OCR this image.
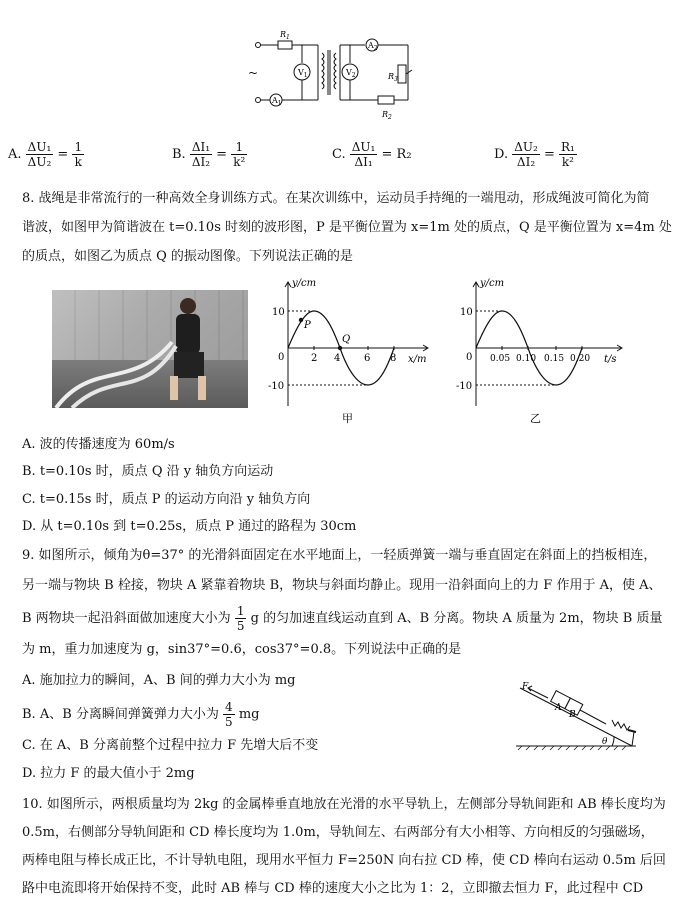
~
$R_1$
$V_1$	$V_2$
$A_1$
$A_2$
$R_3$
$R_2$
A. $\frac{\text{ΔU₁}}{\text{ΔU₂}} = \frac{1}{k}$	B. $\frac{\text{ΔI₁}}{\text{ΔI₂}} = \frac{1}{\text{k²}}$	C. $\frac{\text{ΔU₁}}{\text{ΔI₁}} = R_2$	D. $\frac{\text{ΔU₂}}{\text{ΔI₂}} = \frac{\text{R₁}}{\text{k²}}$
8. 战绳是非常流行的一种高效全身训练方式。在某次训练中，运动员手持绳的一端甩动，形成绳波可简化为简
谐波，如图甲为简谐波在 t=0.10s 时刻的波形图，P 是平衡位置为 x=1m 处的质点，Q 是平衡位置为 x=4m 处
的质点，如图乙为质点 Q 的振动图像。下列说法正确的是
y/cm
10
-10
0	2 4 6 8 x/m
P
Q
甲
y/cm
10
-10
0 0.05 0.10 0.15 0.20 t/s
乙
A. 波的传播速度为 60m/s
B. t=0.10s 时，质点 Q 沿 y 轴负方向运动
C. t=0.15s 时，质点 P 的运动方向沿 y 轴负方向
D. 从 t=0.10s 到 t=0.25s，质点 P 通过的路程为 30cm
9. 如图所示，倾角为θ=37° 的光滑斜面固定在水平地面上，一轻质弹簧一端与垂直固定在斜面上的挡板相连，
另一端与物块 B 栓接，物块 A 紧靠着物块 B，物块与斜面均静止。现用一沿斜面向上的力 F 作用于 A，使 A、
B 两物块一起沿斜面做加速度大小为 $\frac{1}{5}$ g 的匀加速直线运动直到 A、B 分离。物块 A 质量为 2m，物块 B 质量
为 m，重力加速度为 g，sin37°=0.6，cos37°=0.8。下列说法中正确的是
A. 施加拉力的瞬间，A、B 间的弹力大小为 mg
B. A、B 分离瞬间弹簧弹力大小为 $\frac{4}{5}$ mg
C. 在 A、B 分离前整个过程中拉力 F 先增大后不变
D. 拉力 F 的最大值小于 2mg
F
A
B
θ
10. 如图所示，两根质量均为 2kg 的金属棒垂直地放在光滑的水平导轨上，左侧部分导轨间距和 AB 棒长度均为
0.5m，右侧部分导轨间距和 CD 棒长度均为 1.0m，导轨间左、右两部分有大小相等、方向相反的匀强磁场，
两棒电阻与棒长成正比，不计导轨电阻，现用水平恒力 F=250N 向右拉 CD 棒，使 CD 棒向右运动 0.5m 后回
路中电流即将开始保持不变，此时 AB 棒与 CD 棒的速度大小之比为 1：2，立即撤去恒力 F，此过程中 CD
